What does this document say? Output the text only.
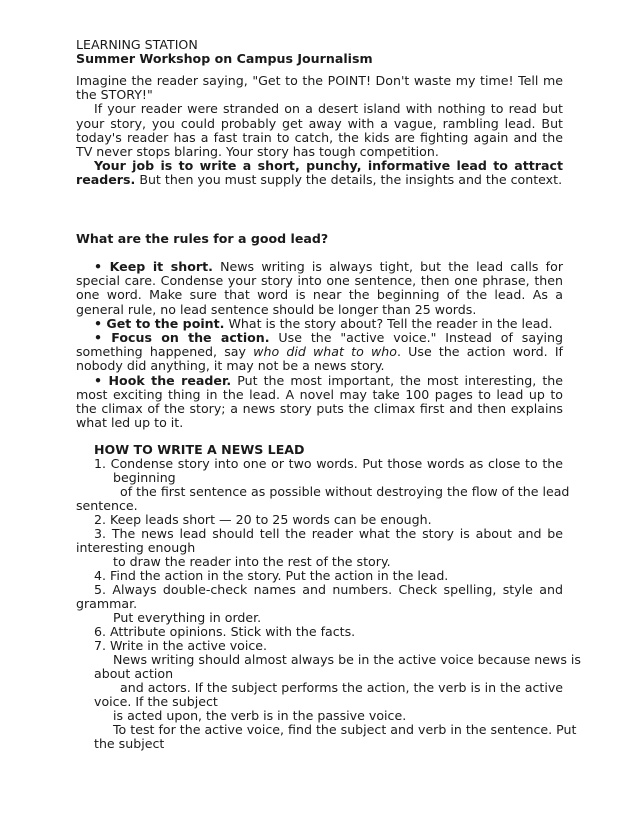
LEARNING STATION

Summer Workshop on Campus Journalism

Imagine the reader saying, "Get to the POINT! Don't waste my time! Tell me the STORY!"

If your reader were stranded on a desert island with nothing to read but your story, you could probably get away with a vague, rambling lead. But today's reader has a fast train to catch, the kids are fighting again and the TV never stops blaring. Your story has tough competition.

Your job is to write a short, punchy, informative lead to attract readers. But then you must supply the details, the insights and the context.

What are the rules for a good lead?

• Keep it short. News writing is always tight, but the lead calls for special care. Condense your story into one sentence, then one phrase, then one word. Make sure that word is near the beginning of the lead. As a general rule, no lead sentence should be longer than 25 words.

• Get to the point. What is the story about? Tell the reader in the lead.

• Focus on the action. Use the "active voice." Instead of saying something happened, say who did what to who. Use the action word. If nobody did anything, it may not be a news story.

• Hook the reader. Put the most important, the most interesting, the most exciting thing in the lead. A novel may take 100 pages to lead up to the climax of the story; a news story puts the climax first and then explains what led up to it.

HOW TO WRITE A NEWS LEAD
1. Condense story into one or two words. Put those words as close to the
beginning
of the first sentence as possible without destroying the flow of the lead
sentence.
2. Keep leads short — 20 to 25 words can be enough.
3. The news lead should tell the reader what the story is about and be
interesting enough
to draw the reader into the rest of the story.
4. Find the action in the story. Put the action in the lead.
5. Always double-check names and numbers. Check spelling, style and
grammar.
Put everything in order.
6. Attribute opinions. Stick with the facts.
7. Write in the active voice.
News writing should almost always be in the active voice because news is
about action
and actors. If the subject performs the action, the verb is in the active
voice. If the subject
is acted upon, the verb is in the passive voice.
To test for the active voice, find the subject and verb in the sentence. Put
the subject
